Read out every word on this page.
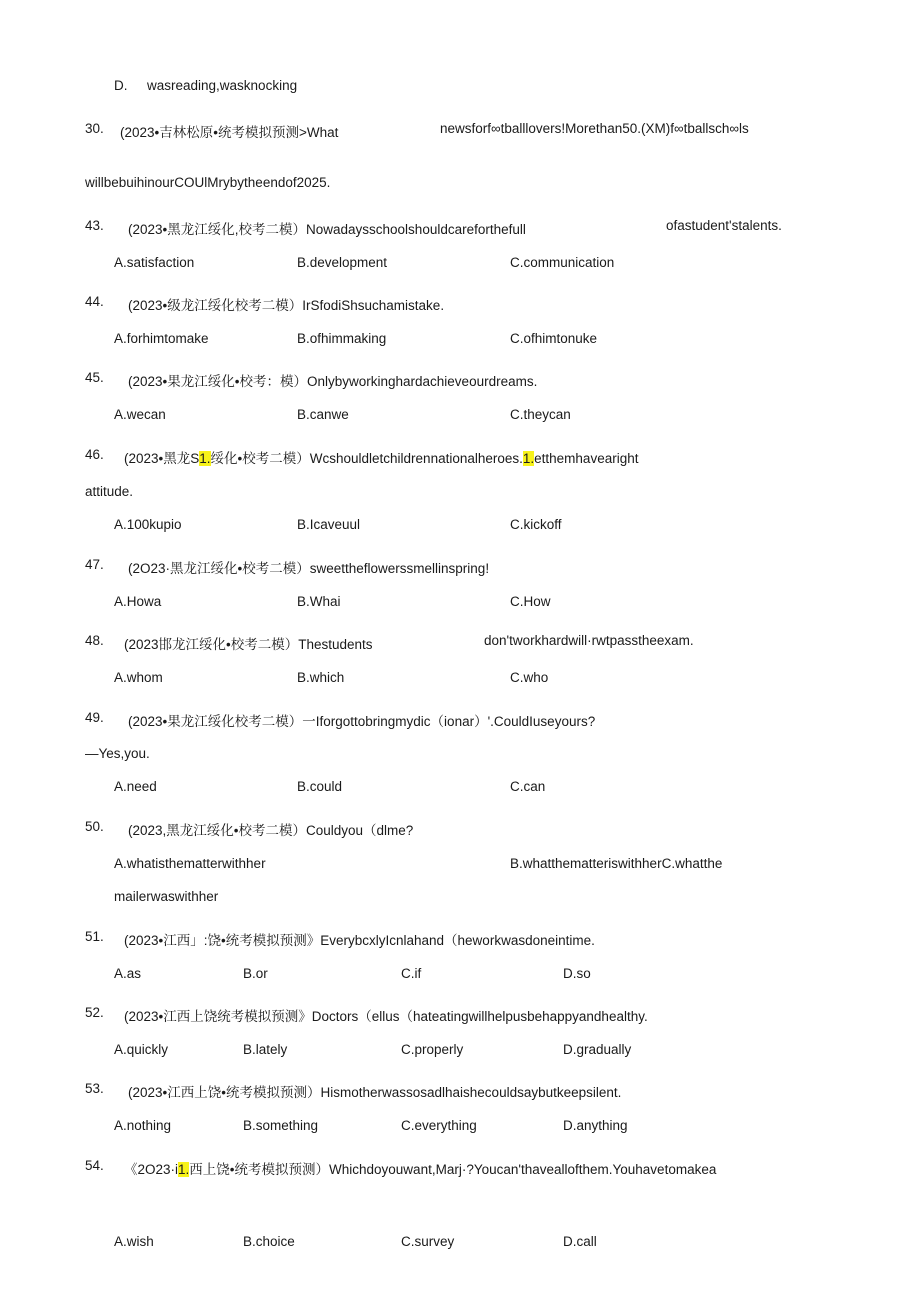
D. wasreading,wasknocking
30. (2023•吉林松原•统考模拟预测>What	newsforf∞tballlovers!Morethan50.(XM)f∞tballsch∞ls
willbebuihinourCOUlMrybytheendof2025.
43. (2023•黑龙江绥化,校考二模）Nowadaysschoolshouldcareforthefull	ofastudent'stalents.
A.satisfaction	B.development	C.communication
44. (2023•级龙江绥化校考二模）IrSfodiShsuchamistake.
A.forhimtomake	B.ofhimmaking	C.ofhimtonuke
45. (2023•果龙江绥化•校考：模）Onlybyworkinghardachieveourdreams.
A.wecan	B.canwe	C.theycan
46. (2023•黑龙S1.绥化•校考二模）Wcshouldletchildrennationalheroes.1.etthemhavearight
attitude.
A.100kupio	B.Icaveuul	C.kickoff
47. (2O23·黑龙江绥化•校考二模）sweettheflowerssmellinspring!
A.Howa	B.Whai	C.How
48. (2023邯龙江绥化•校考二模）Thestudents	don'tworkhardwill·rwtpasstheexam.
A.whom	B.which	C.who
49. (2023•果龙江绥化校考二模）一Iforgottobringmydic（ionar）'.CouldIuseyours?
—Yes,you.
A.need	B.could	C.can
50. (2023,黑龙江绥化•校考二模）Couldyou（dlme?
A.whatisthematterwithher	B.whatthematteriswithherC.whatthe
mailerwaswithher
51. (2023•江西」:饶•统考模拟预测》EverybcxlyIcnlahand（heworkwasdoneintime.
A.as	B.or	C.if	D.so
52. (2023•江西上饶统考模拟预测》Doctors（ellus（hateatingwillhelpusbehappyandhealthy.
A.quickly	B.lately	C.properly	D.gradually
53. (2023•江西上饶•统考模拟预测）Hismotherwassosadlhaishecouldsaybutkeepsilent.
A.nothing	B.something	C.everything	D.anything
54. 《2O23·i1.西上饶•统考模拟预测）Whichdoyouwant,Marj·?Youcan'thaveallofthem.Youhavetomakea
A.wish	B.choice	C.survey	D.call
